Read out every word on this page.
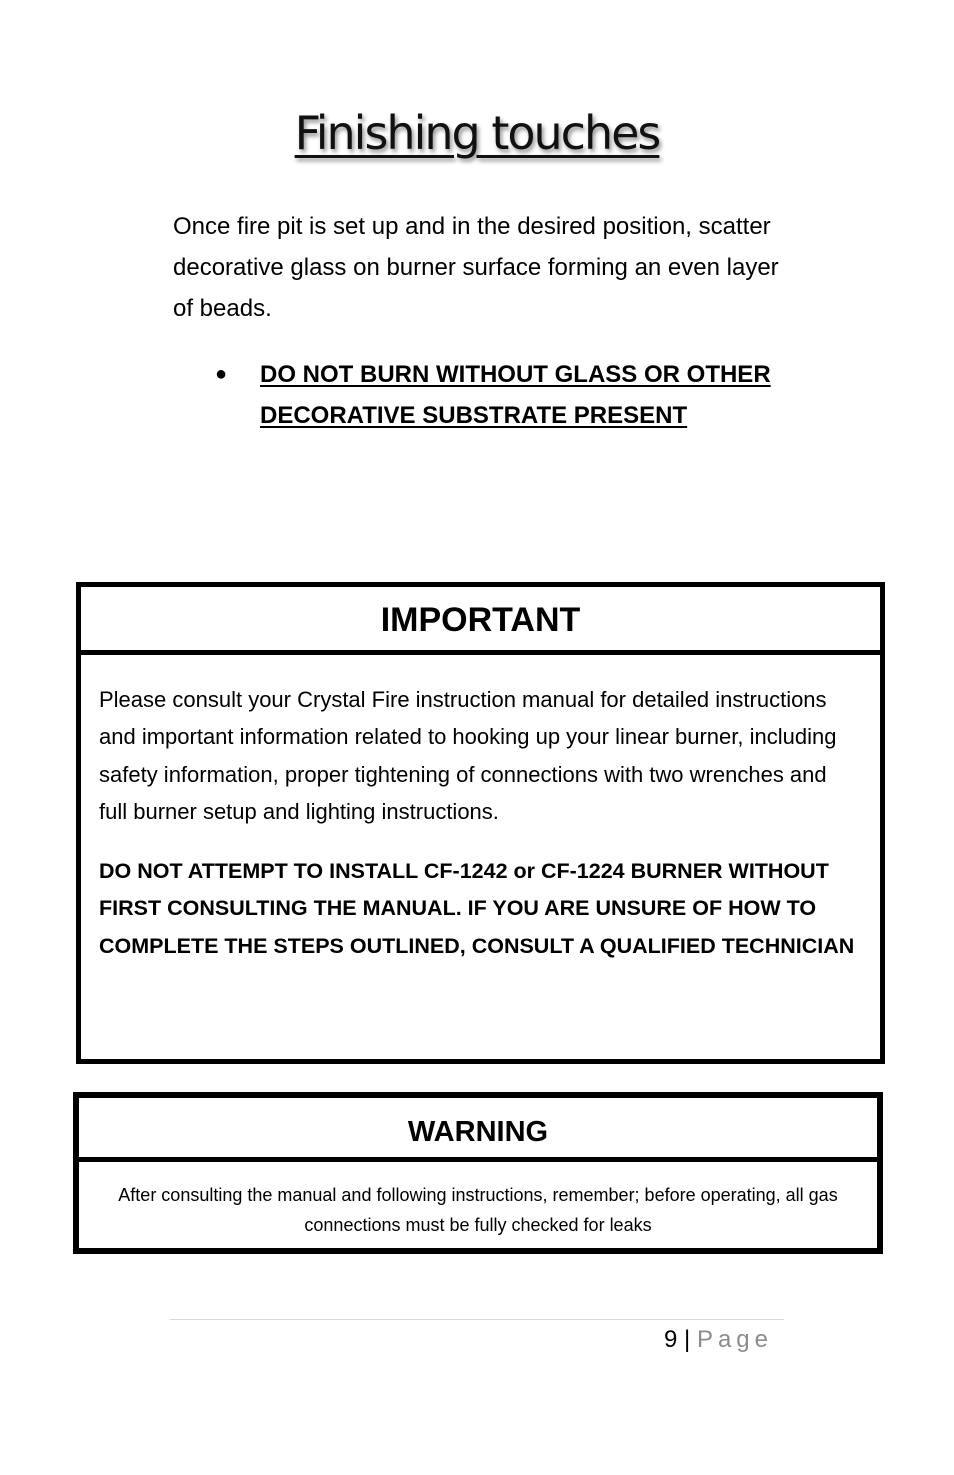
Finishing touches

Once fire pit is set up and in the desired position, scatter decorative glass on burner surface forming an even layer of beads.

●	DO NOT BURN WITHOUT GLASS OR OTHER DECORATIVE SUBSTRATE PRESENT
IMPORTANT

Please consult your Crystal Fire instruction manual for detailed instructions and important information related to hooking up your linear burner, including safety information, proper tightening of connections with two wrenches and full burner setup and lighting instructions.

DO NOT ATTEMPT TO INSTALL CF-1242 or CF-1224 BURNER WITHOUT FIRST CONSULTING THE MANUAL. IF YOU ARE UNSURE OF HOW TO COMPLETE THE STEPS OUTLINED, CONSULT A QUALIFIED TECHNICIAN

WARNING
After consulting the manual and following instructions, remember; before operating, all gas connections must be fully checked for leaks
9 | Page
